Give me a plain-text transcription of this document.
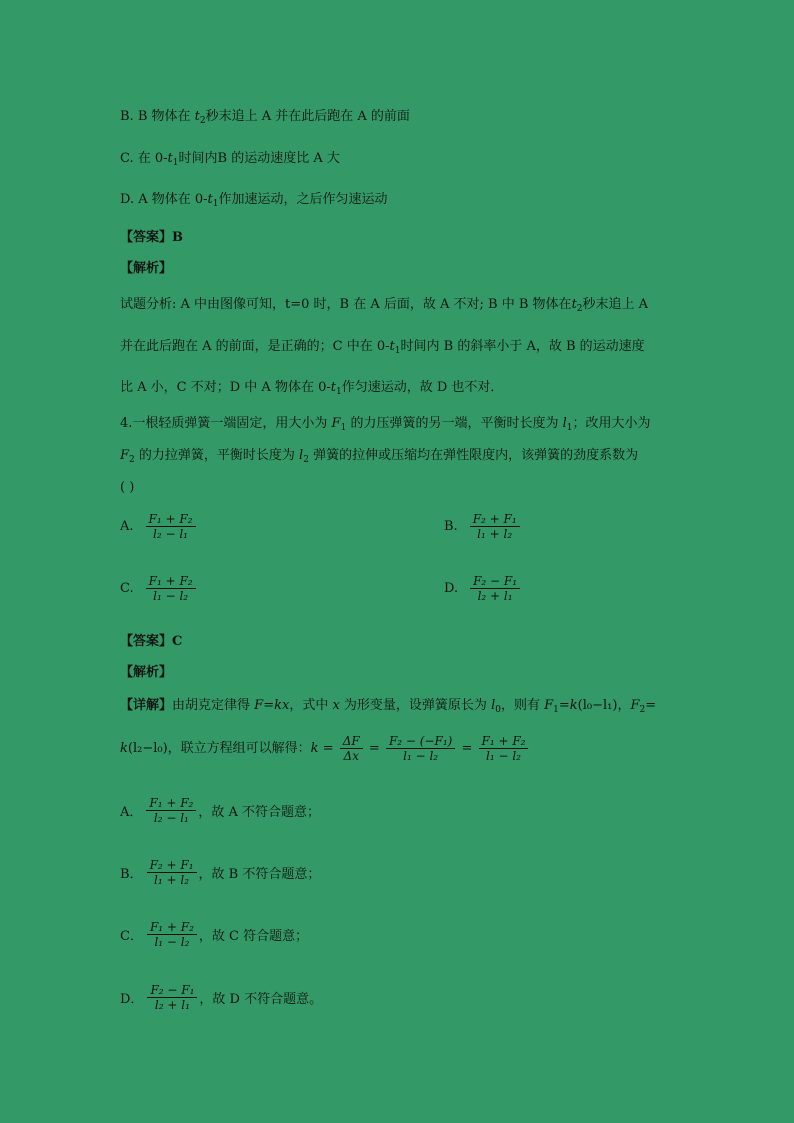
B. B 物体在 $t_2$秒末追上 A 并在此后跑在 A 的前面
C. 在 $0-t_1$时间内B 的运动速度比 A 大
D. A 物体在 $0-t_1$作加速运动，之后作匀速运动
【答案】B
【解析】
试题分析: A 中由图像可知，t=0 时，B 在 A 后面，故 A 不对; B 中 B 物体在$t_2$秒末追上 A
并在此后跑在 A 的前面，是正确的；C 中在 $0-t_1$时间内 B 的斜率小于 A，故 B 的运动速度
比 A 小，C 不对；D 中 A 物体在 $0-t_1$作匀速运动，故 D 也不对．
4.一根轻质弹簧一端固定，用大小为 $F_1$ 的力压弹簧的另一端，平衡时长度为 $l_1$；改用大小为
$F_2$ 的力拉弹簧，平衡时长度为 $l_2$ 弹簧的拉伸或压缩均在弹性限度内，该弹簧的劲度系数为
( )
A. $\frac{\text{F₁ + F₂}}{\text{l₂ − l₁}}$	B. $\frac{\text{F₂ + F₁}}{\text{l₁ + l₂}}$
C. $\frac{\text{F₁ + F₂}}{\text{l₁ − l₂}}$	D. $\frac{\text{F₂ − F₁}}{\text{l₂ + l₁}}$
【答案】C
【解析】
【详解】由胡克定律得 F=kx，式中 x 为形变量，设弹簧原长为 $l_0$，则有 $F_1=k(l_0-l_1)$，$F_2=$
k(l₂−l₀)，联立方程组可以解得：$k = \frac{\Delta F}{\Delta x} = \frac{\text{F₂ − (−F₁)}}{\text{l₁ − l₂}} = \frac{\text{F₁ + F₂}}{\text{l₁ − l₂}}$
A． $\frac{\text{F₁ + F₂}}{\text{l₂ − l₁}}$ ，故 A 不符合题意；
B． $\frac{\text{F₂ + F₁}}{\text{l₁ + l₂}}$ ，故 B 不符合题意；
C． $\frac{\text{F₁ + F₂}}{\text{l₁ − l₂}}$ ，故 C 符合题意；
D． $\frac{\text{F₂ − F₁}}{\text{l₂ + l₁}}$ ，故 D 不符合题意。
